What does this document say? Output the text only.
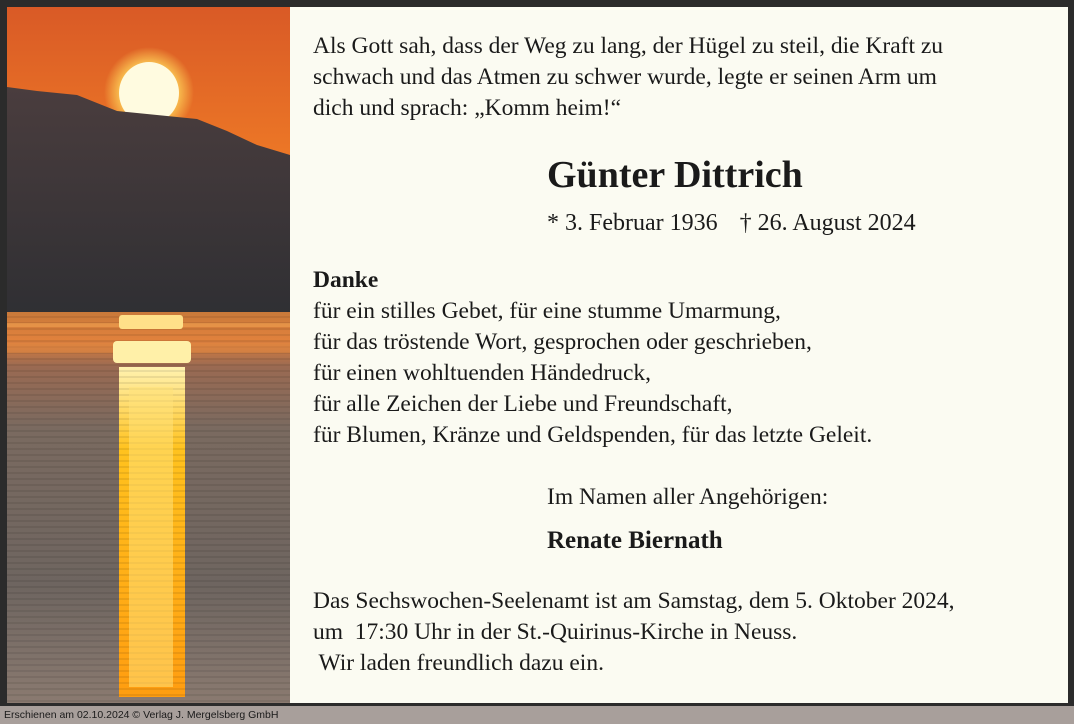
Als Gott sah, dass der Weg zu lang, der Hügel zu steil, die Kraft zu
schwach und das Atmen zu schwer wurde, legte er seinen Arm um
dich und sprach: „Komm heim!“

Günter Dittrich
* 3. Februar 1936 † 26. August 2024

Danke
für ein stilles Gebet, für eine stumme Umarmung,
für das tröstende Wort, gesprochen oder geschrieben,
für einen wohltuenden Händedruck,
für alle Zeichen der Liebe und Freundschaft,
für Blumen, Kränze und Geldspenden, für das letzte Geleit.

Im Namen aller Angehörigen:

Renate Biernath

Das Sechswochen-Seelenamt ist am Samstag, dem 5. Oktober 2024,
um  17:30 Uhr in der St.-Quirinus-Kirche in Neuss.
Wir laden freundlich dazu ein.

Erschienen am 02.10.2024 © Verlag J. Mergelsberg GmbH
